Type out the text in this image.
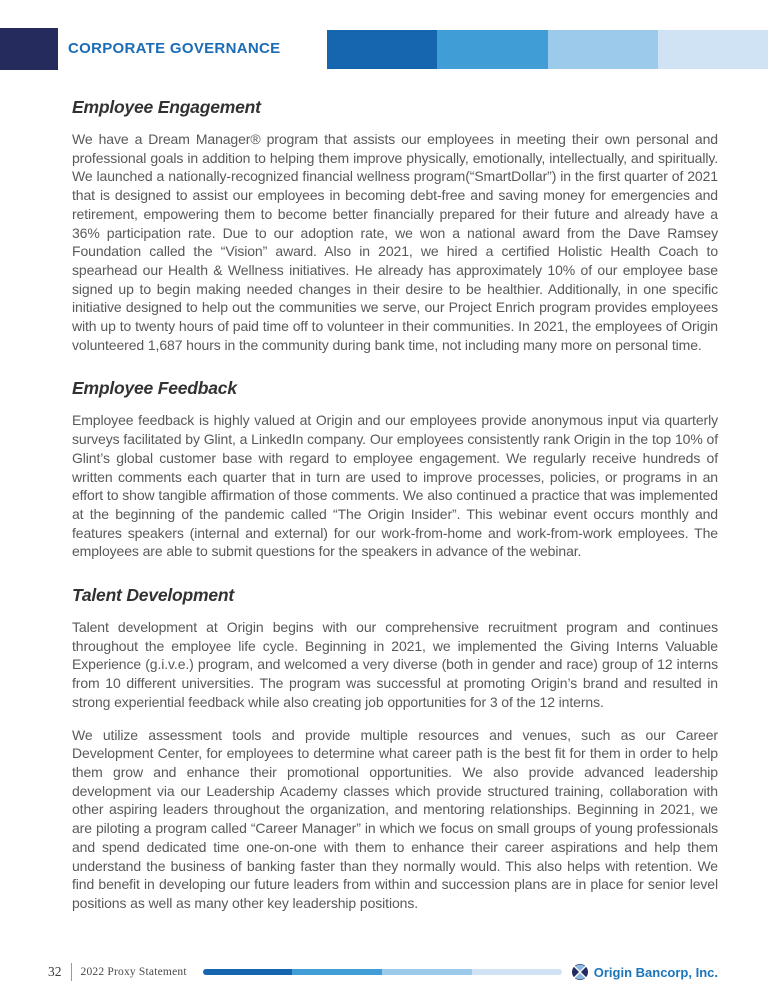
CORPORATE GOVERNANCE
Employee Engagement

We have a Dream Manager® program that assists our employees in meeting their own personal and professional goals in addition to helping them improve physically, emotionally, intellectually, and spiritually. We launched a nationally-recognized financial wellness program(“SmartDollar”) in the first quarter of 2021 that is designed to assist our employees in becoming debt-free and saving money for emergencies and retirement, empowering them to become better financially prepared for their future and already have a 36% participation rate. Due to our adoption rate, we won a national award from the Dave Ramsey Foundation called the “Vision” award. Also in 2021, we hired a certified Holistic Health Coach to spearhead our Health & Wellness initiatives. He already has approximately 10% of our employee base signed up to begin making needed changes in their desire to be healthier. Additionally, in one specific initiative designed to help out the communities we serve, our Project Enrich program provides employees with up to twenty hours of paid time off to volunteer in their communities. In 2021, the employees of Origin volunteered 1,687 hours in the community during bank time, not including many more on personal time.

Employee Feedback

Employee feedback is highly valued at Origin and our employees provide anonymous input via quarterly surveys facilitated by Glint, a LinkedIn company. Our employees consistently rank Origin in the top 10% of Glint’s global customer base with regard to employee engagement. We regularly receive hundreds of written comments each quarter that in turn are used to improve processes, policies, or programs in an effort to show tangible affirmation of those comments. We also continued a practice that was implemented at the beginning of the pandemic called “The Origin Insider”. This webinar event occurs monthly and features speakers (internal and external) for our work-from-home and work-from-work employees. The employees are able to submit questions for the speakers in advance of the webinar.

Talent Development

Talent development at Origin begins with our comprehensive recruitment program and continues throughout the employee life cycle. Beginning in 2021, we implemented the Giving Interns Valuable Experience (g.i.v.e.) program, and welcomed a very diverse (both in gender and race) group of 12 interns from 10 different universities. The program was successful at promoting Origin’s brand and resulted in strong experiential feedback while also creating job opportunities for 3 of the 12 interns.

We utilize assessment tools and provide multiple resources and venues, such as our Career Development Center, for employees to determine what career path is the best fit for them in order to help them grow and enhance their promotional opportunities. We also provide advanced leadership development via our Leadership Academy classes which provide structured training, collaboration with other aspiring leaders throughout the organization, and mentoring relationships. Beginning in 2021, we are piloting a program called “Career Manager” in which we focus on small groups of young professionals and spend dedicated time one-on-one with them to enhance their career aspirations and help them understand the business of banking faster than they normally would. This also helps with retention. We find benefit in developing our future leaders from within and succession plans are in place for senior level positions as well as many other key leadership positions.

32 2022 Proxy Statement	Origin Bancorp, Inc.
